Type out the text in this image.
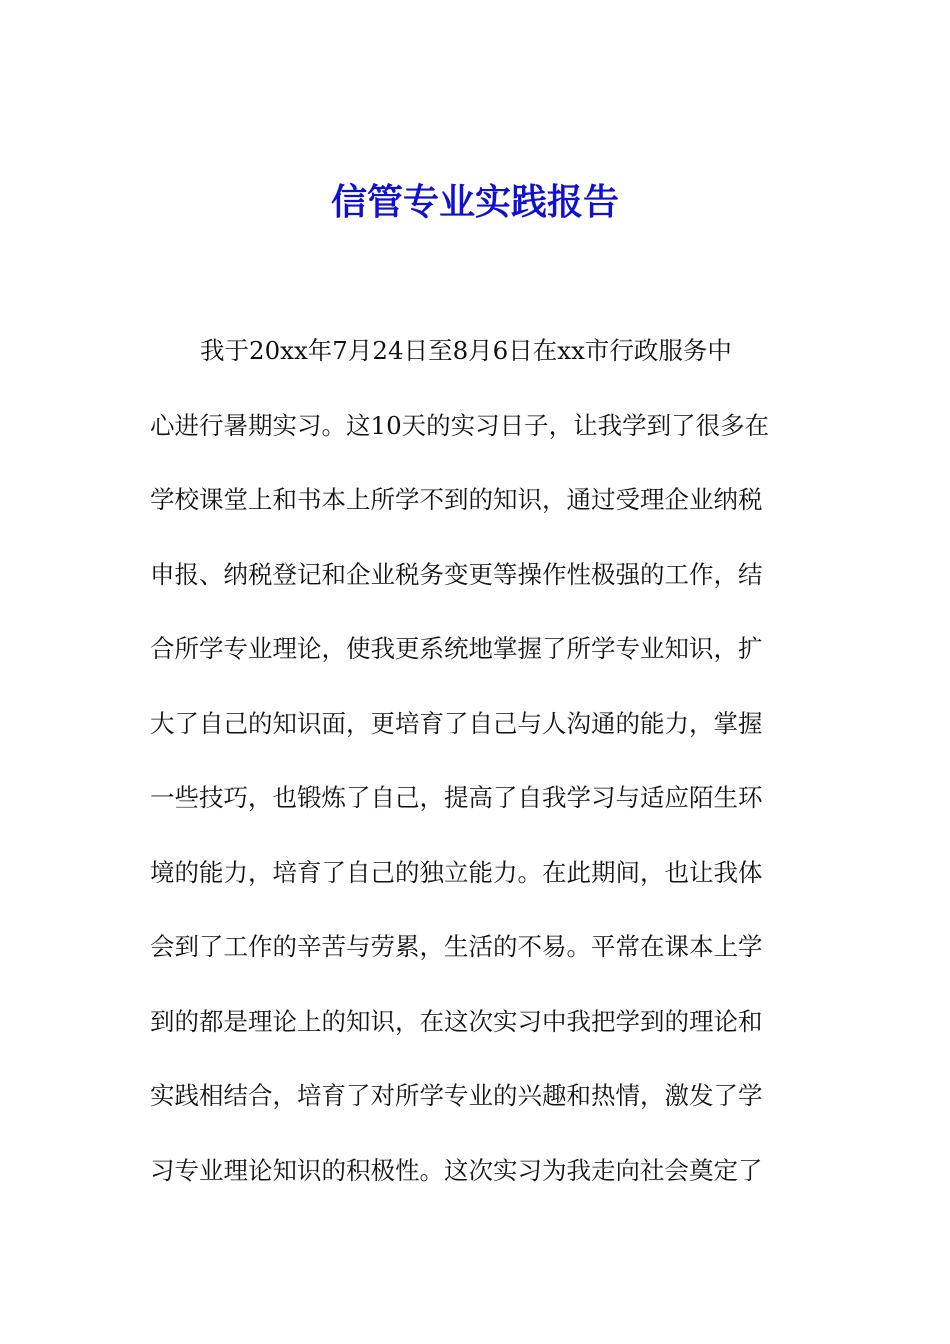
信管专业实践报告
我于20xx年7月24日至8月6日在xx市行政服务中
心进行暑期实习。这10天的实习日子，让我学到了很多在
学校课堂上和书本上所学不到的知识，通过受理企业纳税
申报、纳税登记和企业税务变更等操作性极强的工作，结
合所学专业理论，使我更系统地掌握了所学专业知识，扩
大了自己的知识面，更培育了自己与人沟通的能力，掌握
一些技巧，也锻炼了自己，提高了自我学习与适应陌生环
境的能力，培育了自己的独立能力。在此期间，也让我体
会到了工作的辛苦与劳累，生活的不易。平常在课本上学
到的都是理论上的知识，在这次实习中我把学到的理论和
实践相结合，培育了对所学专业的兴趣和热情，激发了学
习专业理论知识的积极性。这次实习为我走向社会奠定了
